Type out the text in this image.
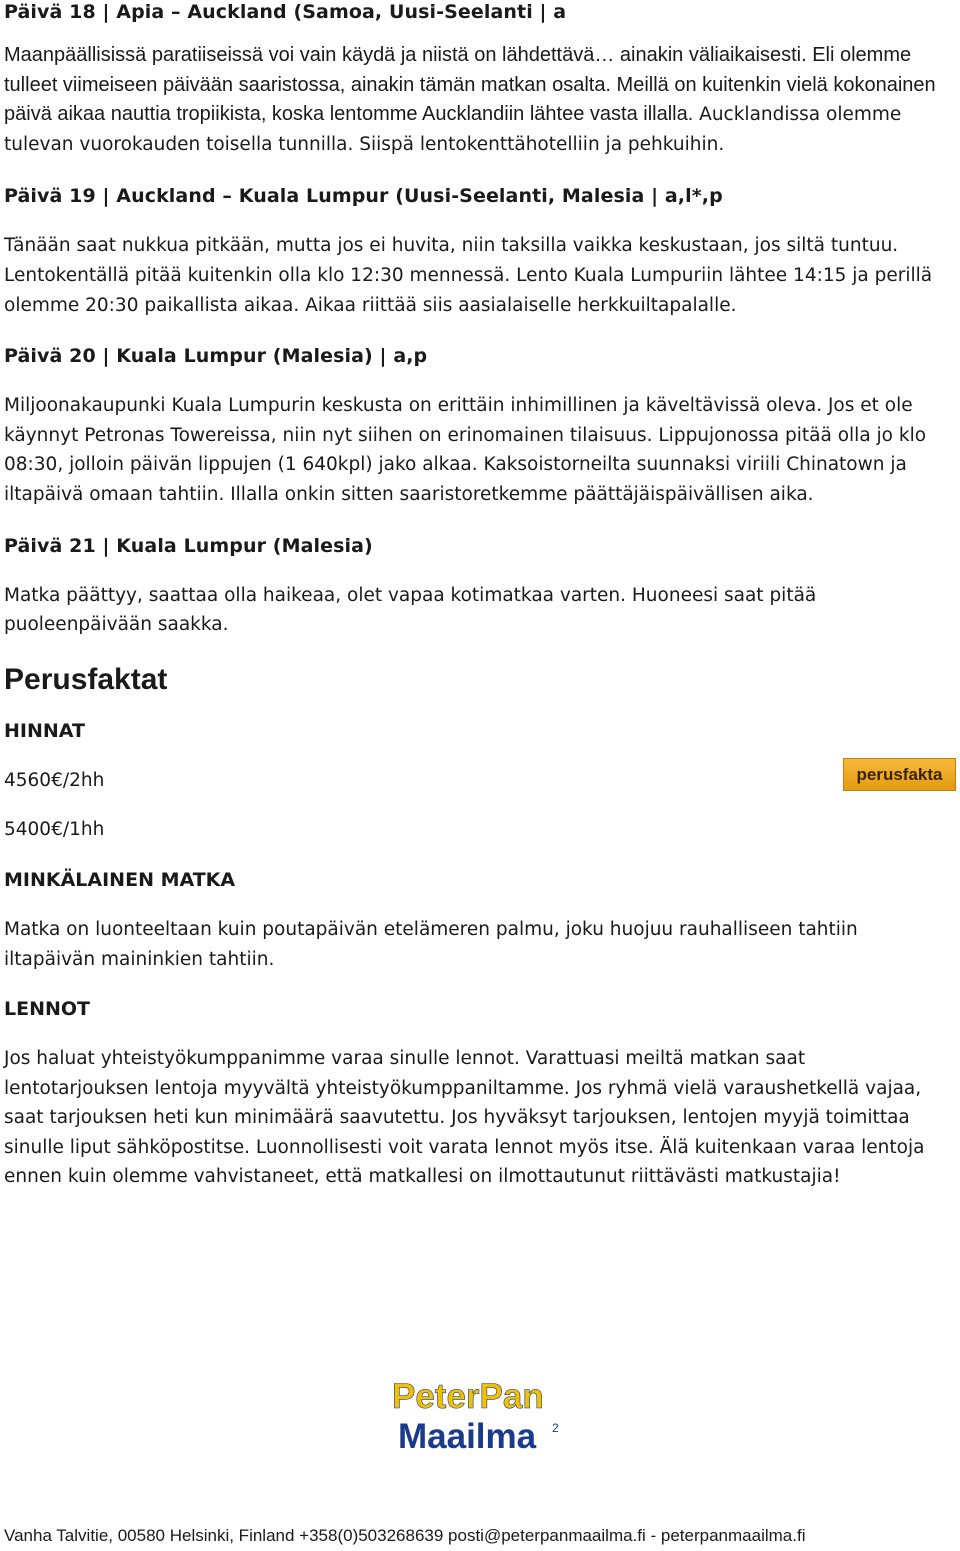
Päivä 18 | Apia – Auckland (Samoa, Uusi-Seelanti | a

Maanpäällisissä paratiiseissä voi vain käydä ja niistä on lähdettävä… ainakin väliaikaisesti. Eli olemme tulleet viimeiseen päivään saaristossa, ainakin tämän matkan osalta. Meillä on kuitenkin vielä kokonainen päivä aikaa nauttia tropiikista, koska lentomme Aucklandiin lähtee vasta illalla. Aucklandissa olemme tulevan vuorokauden toisella tunnilla. Siispä lentokenttähotelliin ja pehkuihin.

Päivä 19 | Auckland – Kuala Lumpur (Uusi-Seelanti, Malesia | a,l*,p

Tänään saat nukkua pitkään, mutta jos ei huvita, niin taksilla vaikka keskustaan, jos siltä tuntuu. Lentokentällä pitää kuitenkin olla klo 12:30 mennessä. Lento Kuala Lumpuriin lähtee 14:15 ja perillä olemme 20:30 paikallista aikaa. Aikaa riittää siis aasialaiselle herkkuiltapalalle.

Päivä 20 | Kuala Lumpur (Malesia) | a,p

Miljoonakaupunki Kuala Lumpurin keskusta on erittäin inhimillinen ja käveltävissä oleva. Jos et ole käynnyt Petronas Towereissa, niin nyt siihen on erinomainen tilaisuus. Lippujonossa pitää olla jo klo 08:30, jolloin päivän lippujen (1 640kpl) jako alkaa. Kaksoistorneilta suunnaksi viriili Chinatown ja iltapäivä omaan tahtiin. Illalla onkin sitten saaristoretkemme päättäjäispäivällisen aika.

Päivä 21 | Kuala Lumpur (Malesia)

Matka päättyy, saattaa olla haikeaa, olet vapaa kotimatkaa varten. Huoneesi saat pitää puoleenpäivään saakka.

Perusfaktat

HINNAT

4560€/2hh

5400€/1hh

MINKÄLAINEN MATKA

Matka on luonteeltaan kuin poutapäivän etelämeren palmu, joku huojuu rauhalliseen tahtiin iltapäivän maininkien tahtiin.

LENNOT

Jos haluat yhteistyökumppanimme varaa sinulle lennot. Varattuasi meiltä matkan saat lentotarjouksen lentoja myyvältä yhteistyökumppaniltamme. Jos ryhmä vielä varaushetkellä vajaa, saat tarjouksen heti kun minimäärä saavutettu. Jos hyväksyt tarjouksen, lentojen myyjä toimittaa sinulle liput sähköpostitse. Luonnollisesti voit varata lennot myös itse. Älä kuitenkaan varaa lentoja ennen kuin olemme vahvistaneet, että matkallesi on ilmottautunut riittävästi matkustajia!

perusfakta
PeterPan
Maailma 2
Vanha Talvitie, 00580 Helsinki, Finland +358(0)503268639 posti@peterpanmaailma.fi - peterpanmaailma.fi
